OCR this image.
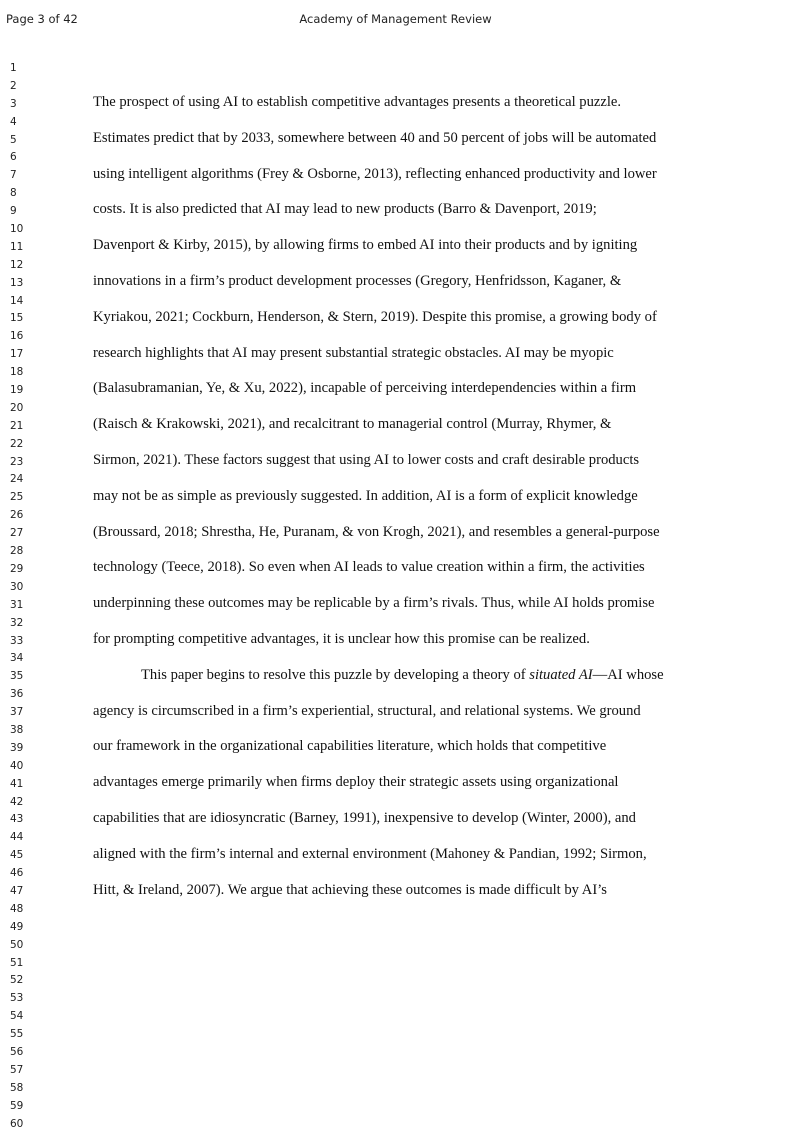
Page 3 of 42	Academy of Management Review
1
2
3
4
5
6
7
8
9
10
11
12
13
14
15
16
17
18
19
20
21
22
23
24
25
26
27
28
29
30
31
32
33
34
35
36
37
38
39
40
41
42
43
44
45
46
47
48
49
50
51
52
53
54
55
56
57
58
59
60
The prospect of using AI to establish competitive advantages presents a theoretical puzzle.
Estimates predict that by 2033, somewhere between 40 and 50 percent of jobs will be automated
using intelligent algorithms (Frey & Osborne, 2013), reflecting enhanced productivity and lower
costs. It is also predicted that AI may lead to new products (Barro & Davenport, 2019;
Davenport & Kirby, 2015), by allowing firms to embed AI into their products and by igniting
innovations in a firm’s product development processes (Gregory, Henfridsson, Kaganer, &
Kyriakou, 2021; Cockburn, Henderson, & Stern, 2019). Despite this promise, a growing body of
research highlights that AI may present substantial strategic obstacles. AI may be myopic
(Balasubramanian, Ye, & Xu, 2022), incapable of perceiving interdependencies within a firm
(Raisch & Krakowski, 2021), and recalcitrant to managerial control (Murray, Rhymer, &
Sirmon, 2021). These factors suggest that using AI to lower costs and craft desirable products
may not be as simple as previously suggested. In addition, AI is a form of explicit knowledge
(Broussard, 2018; Shrestha, He, Puranam, & von Krogh, 2021), and resembles a general-purpose
technology (Teece, 2018). So even when AI leads to value creation within a firm, the activities
underpinning these outcomes may be replicable by a firm’s rivals. Thus, while AI holds promise
for prompting competitive advantages, it is unclear how this promise can be realized.
This paper begins to resolve this puzzle by developing a theory of situated AI—AI whose
agency is circumscribed in a firm’s experiential, structural, and relational systems. We ground
our framework in the organizational capabilities literature, which holds that competitive
advantages emerge primarily when firms deploy their strategic assets using organizational
capabilities that are idiosyncratic (Barney, 1991), inexpensive to develop (Winter, 2000), and
aligned with the firm’s internal and external environment (Mahoney & Pandian, 1992; Sirmon,
Hitt, & Ireland, 2007). We argue that achieving these outcomes is made difficult by AI’s
